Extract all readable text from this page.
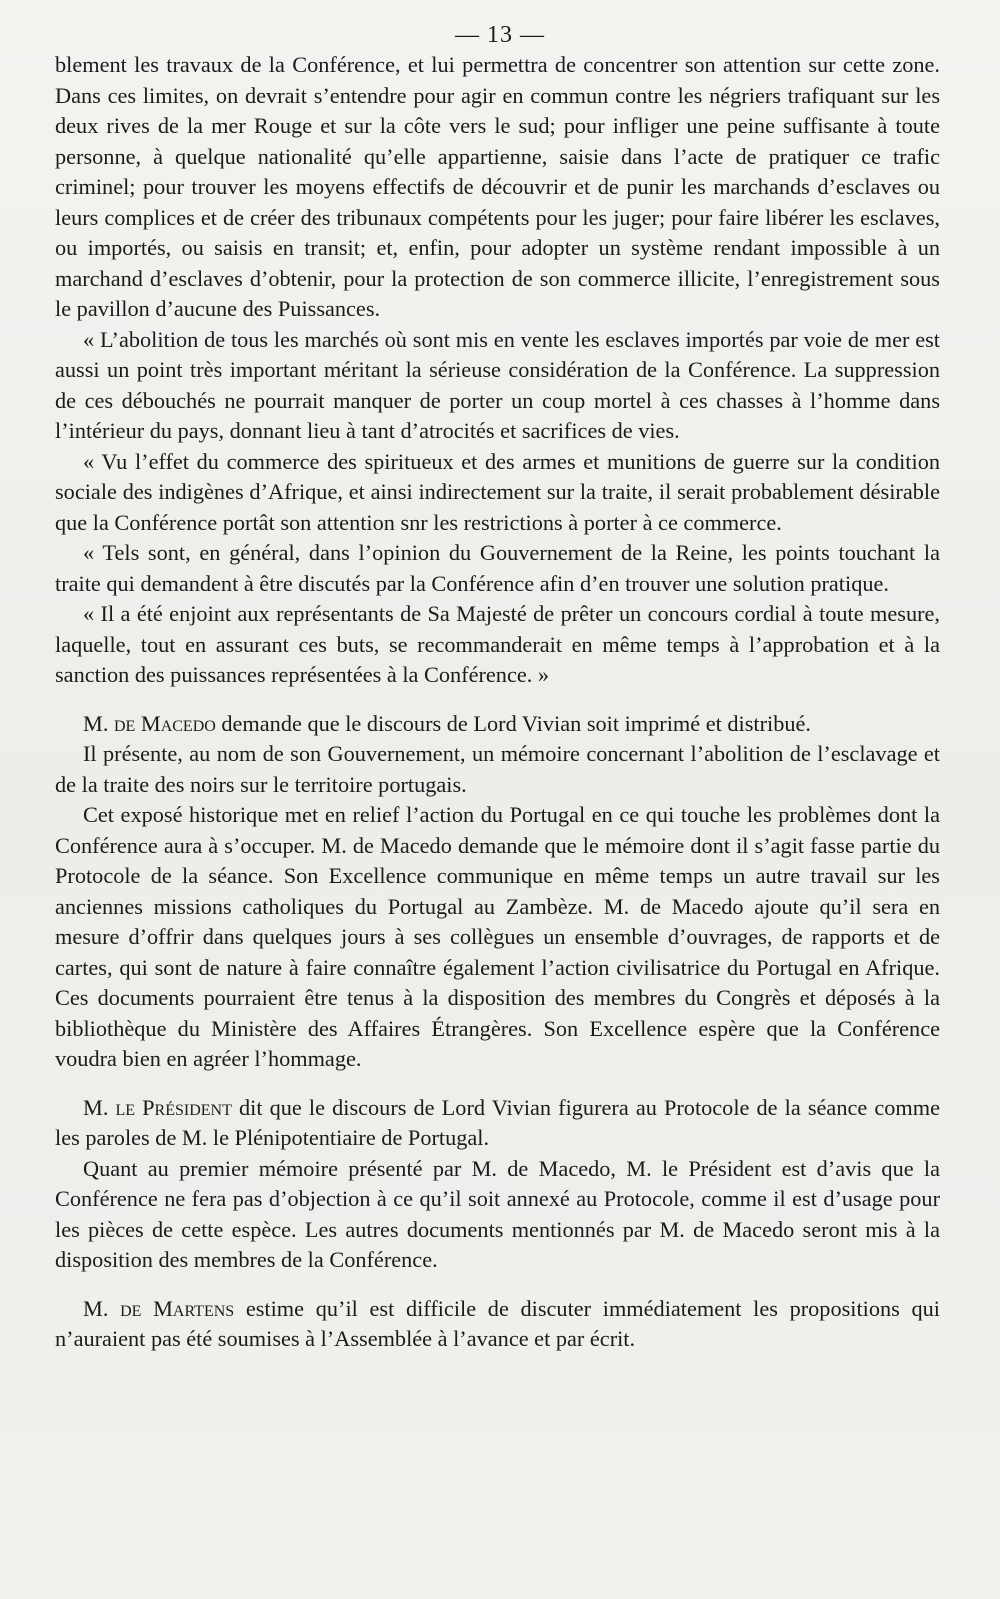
— 13 —

blement les travaux de la Conférence, et lui permettra de concentrer son attention sur cette zone. Dans ces limites, on devrait s’entendre pour agir en commun contre les négriers trafiquant sur les deux rives de la mer Rouge et sur la côte vers le sud; pour infliger une peine suffisante à toute personne, à quelque nationalité qu’elle appartienne, saisie dans l’acte de pratiquer ce trafic criminel; pour trouver les moyens effectifs de découvrir et de punir les marchands d’esclaves ou leurs complices et de créer des tribunaux compétents pour les juger; pour faire libérer les esclaves, ou importés, ou saisis en transit; et, enfin, pour adopter un système rendant impossible à un marchand d’esclaves d’obtenir, pour la protection de son commerce illicite, l’enregistrement sous le pavillon d’aucune des Puissances.

« L’abolition de tous les marchés où sont mis en vente les esclaves importés par voie de mer est aussi un point très important méritant la sérieuse considération de la Conférence. La suppression de ces débouchés ne pourrait manquer de porter un coup mortel à ces chasses à l’homme dans l’intérieur du pays, donnant lieu à tant d’atrocités et sacrifices de vies.

« Vu l’effet du commerce des spiritueux et des armes et munitions de guerre sur la condition sociale des indigènes d’Afrique, et ainsi indirectement sur la traite, il serait probablement désirable que la Conférence portât son attention snr les restrictions à porter à ce commerce.

« Tels sont, en général, dans l’opinion du Gouvernement de la Reine, les points touchant la traite qui demandent à être discutés par la Conférence afin d’en trouver une solution pratique.

« Il a été enjoint aux représentants de Sa Majesté de prêter un concours cordial à toute mesure, laquelle, tout en assurant ces buts, se recommanderait en même temps à l’approbation et à la sanction des puissances représentées à la Conférence. »

M. de Macedo demande que le discours de Lord Vivian soit imprimé et distribué.

Il présente, au nom de son Gouvernement, un mémoire concernant l’abolition de l’esclavage et de la traite des noirs sur le territoire portugais.

Cet exposé historique met en relief l’action du Portugal en ce qui touche les problèmes dont la Conférence aura à s’occuper. M. de Macedo demande que le mémoire dont il s’agit fasse partie du Protocole de la séance. Son Excellence communique en même temps un autre travail sur les anciennes missions catholiques du Portugal au Zambèze. M. de Macedo ajoute qu’il sera en mesure d’offrir dans quelques jours à ses collègues un ensemble d’ouvrages, de rapports et de cartes, qui sont de nature à faire connaître également l’action civilisatrice du Portugal en Afrique. Ces documents pourraient être tenus à la disposition des membres du Congrès et déposés à la bibliothèque du Ministère des Affaires Étrangères. Son Excellence espère que la Conférence voudra bien en agréer l’hommage.

M. le Président dit que le discours de Lord Vivian figurera au Protocole de la séance comme les paroles de M. le Plénipotentiaire de Portugal.

Quant au premier mémoire présenté par M. de Macedo, M. le Président est d’avis que la Conférence ne fera pas d’objection à ce qu’il soit annexé au Protocole, comme il est d’usage pour les pièces de cette espèce. Les autres documents mentionnés par M. de Macedo seront mis à la disposition des membres de la Conférence.

M. de Martens estime qu’il est difficile de discuter immédiatement les propositions qui n’auraient pas été soumises à l’Assemblée à l’avance et par écrit.
